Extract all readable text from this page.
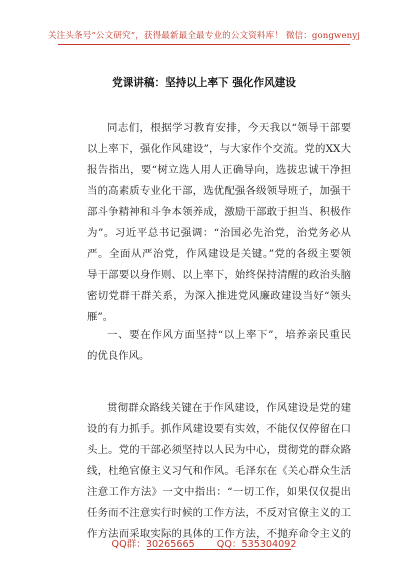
关注头条号“公文研究”，获得最新最全最专业的公文资料库！ 微信：gongwenyj
党课讲稿：坚持以上率下 强化作风建设
同志们，根据学习教育安排，今天我以“领导干部要
以上率下，强化作风建设”，与大家作个交流。党的XX大
报告指出，要“树立选人用人正确导向，选拔忠诚干净担
当的高素质专业化干部，选优配强各级领导班子，加强干
部斗争精神和斗争本领养成，激励干部敢于担当、积极作
为”。习近平总书记强调：“治国必先治党，治党务必从
严。全面从严治党，作风建设是关键。”党的各级主要领
导干部要以身作则、以上率下，始终保持清醒的政治头脑
密切党群干群关系，为深入推进党风廉政建设当好“领头
雁”。
一、要在作风方面坚持“以上率下”，培养亲民重民
的优良作风。
贯彻群众路线关键在于作风建设，作风建设是党的建
设的有力抓手。抓作风建设要有实效，不能仅仅停留在口
头上。党的干部必须坚持以人民为中心，贯彻党的群众路
线，杜绝官僚主义习气和作风。毛泽东在《关心群众生活
注意工作方法》一文中指出：“一切工作，如果仅仅提出
任务而不注意实行时候的工作方法，不反对官僚主义的工
作方法而采取实际的具体的工作方法，不抛弃命令主义的
QQ群：30265665 QQ：535304092
